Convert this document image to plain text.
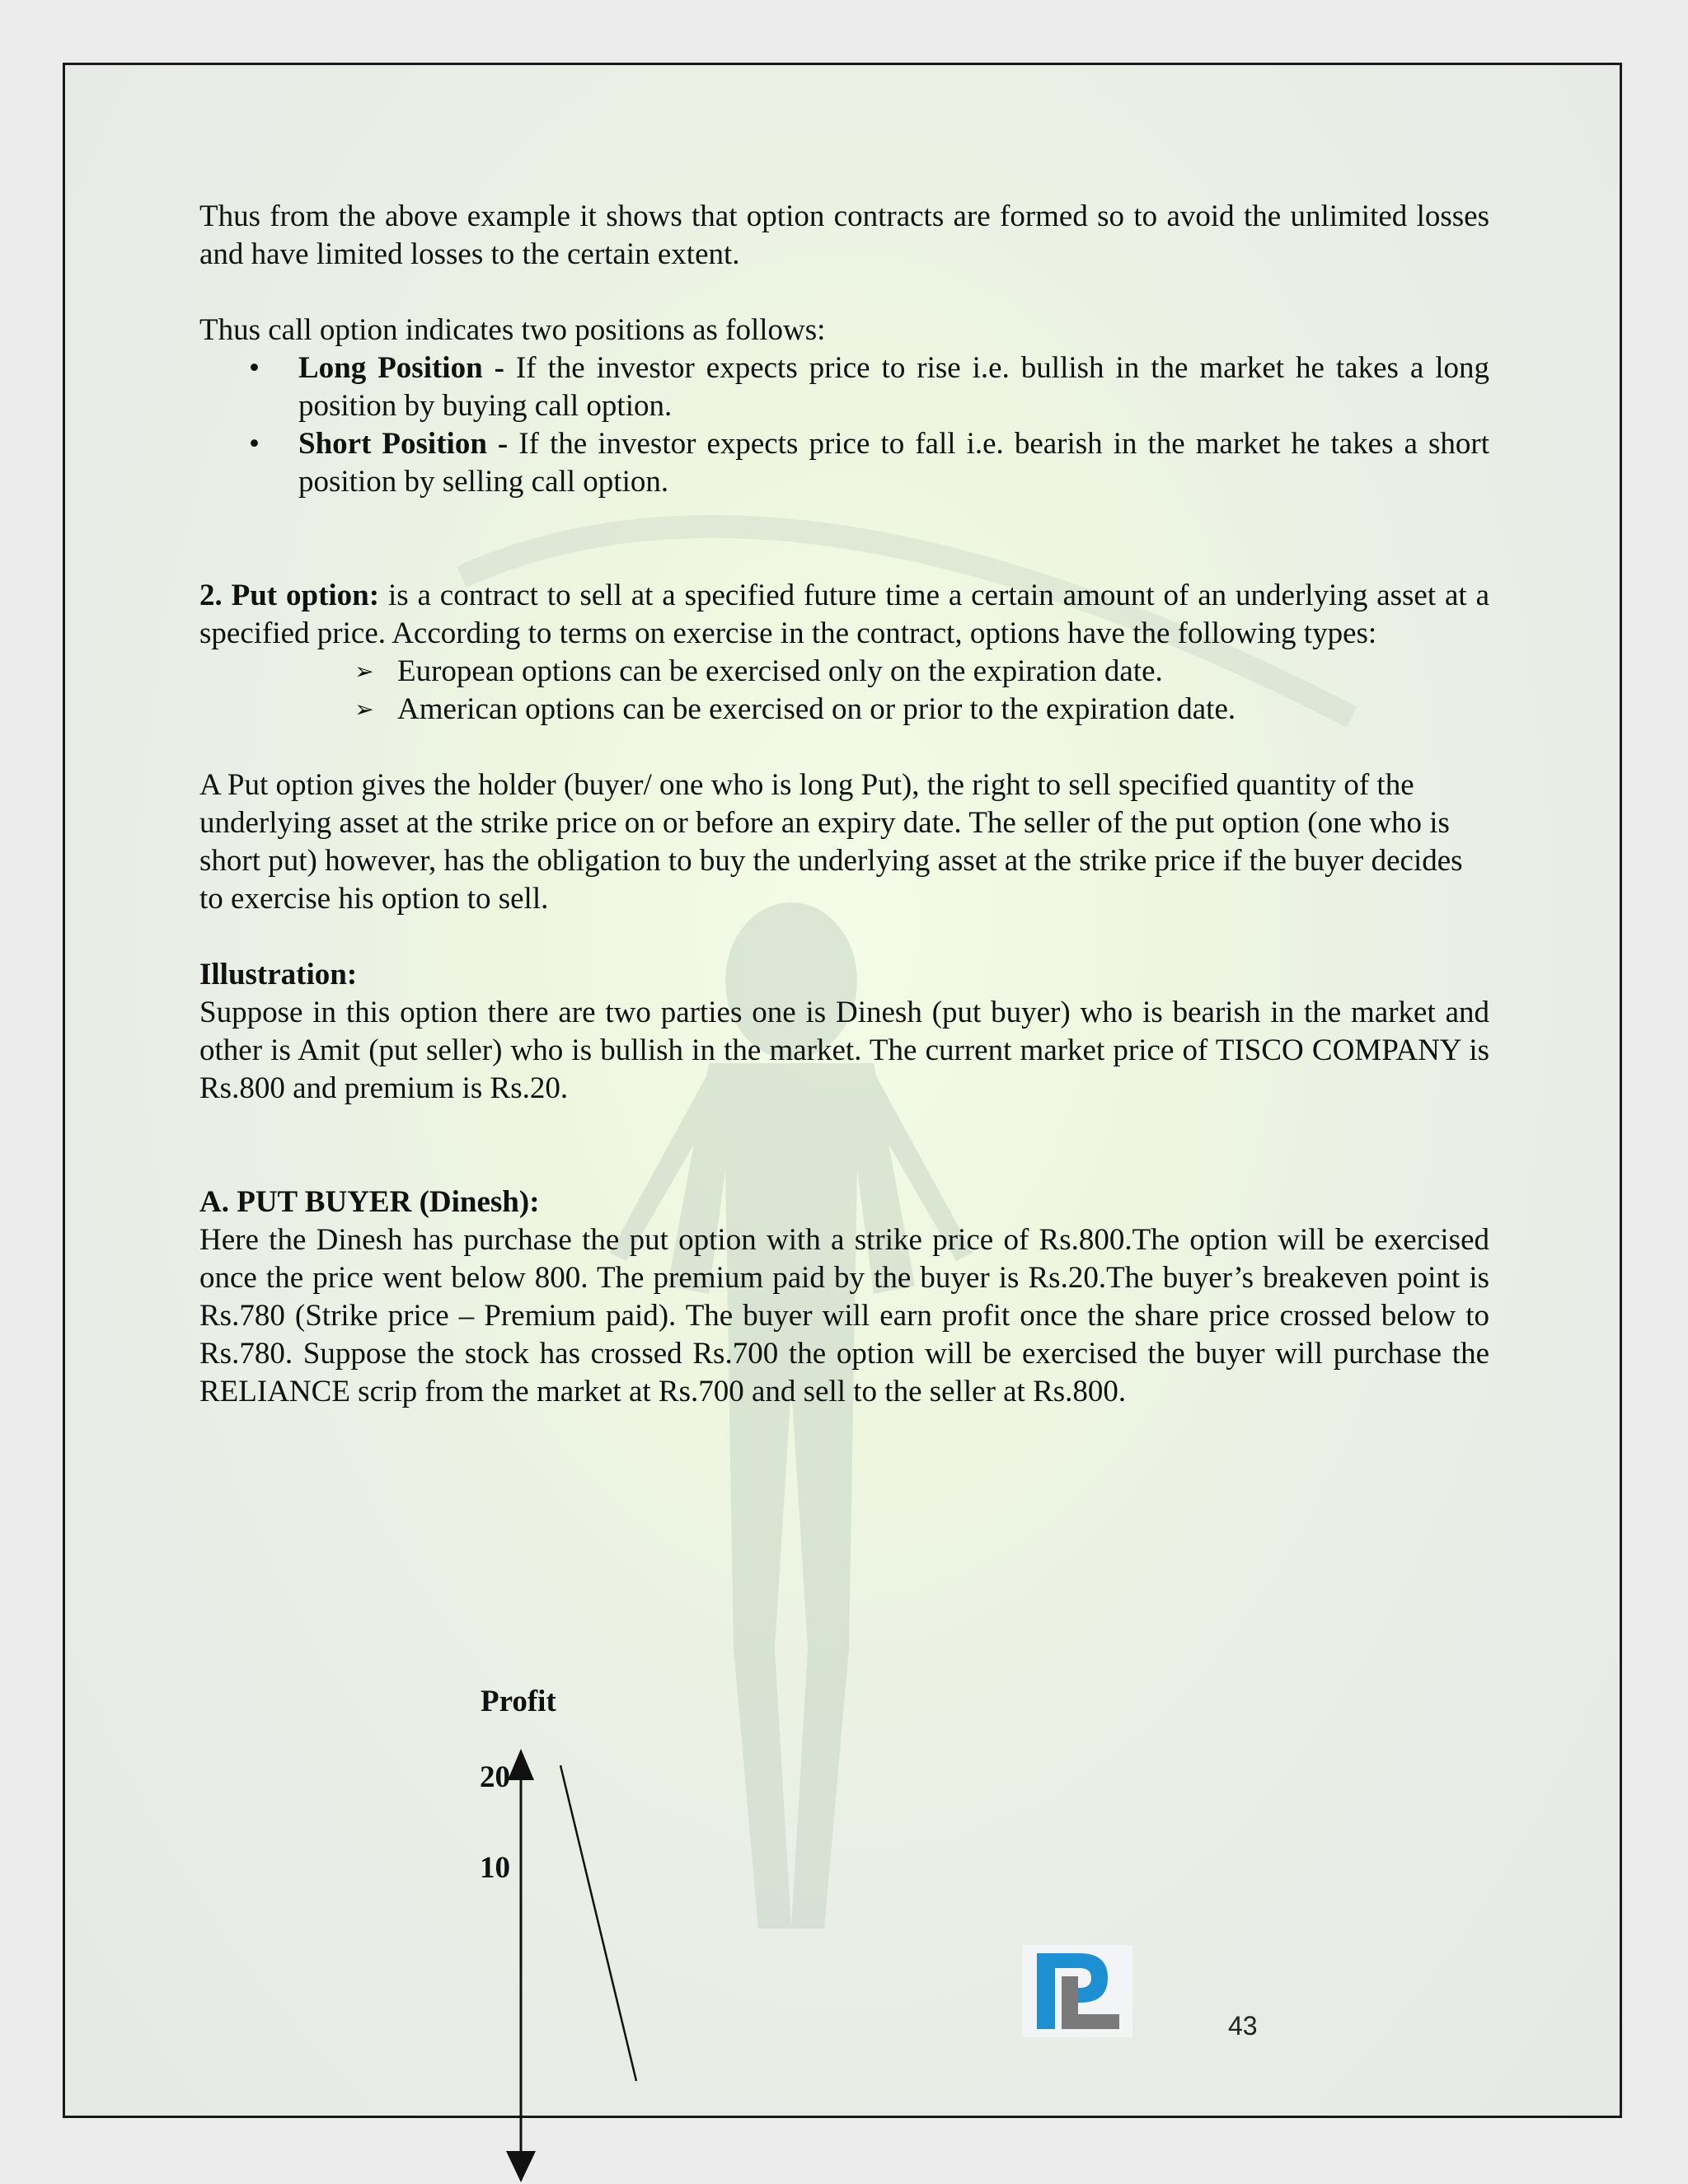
Thus from the above example it shows that option contracts are formed so to avoid the unlimited losses and have limited losses to the certain extent.

Thus call option indicates two positions as follows:

• Long Position - If the investor expects price to rise i.e. bullish in the market he takes a long position by buying call option.
• Short Position - If the investor expects price to fall i.e. bearish in the market he takes a short position by selling call option.

2. Put option: is a contract to sell at a specified future time a certain amount of an underlying asset at a specified price. According to terms on exercise in the contract, options have the following types:

➢ European options can be exercised only on the expiration date.
➢ American options can be exercised on or prior to the expiration date.

A Put option gives the holder (buyer/ one who is long Put), the right to sell specified quantity of the underlying asset at the strike price on or before an expiry date. The seller of the put option (one who is short put) however, has the obligation to buy the underlying asset at the strike price if the buyer decides to exercise his option to sell.

Illustration:

Suppose in this option there are two parties one is Dinesh (put buyer) who is bearish in the market and other is Amit (put seller) who is bullish in the market. The current market price of TISCO COMPANY is Rs.800 and premium is Rs.20.

A. PUT BUYER (Dinesh):

Here the Dinesh has purchase the put option with a strike price of Rs.800.The option will be exercised once the price went below 800. The premium paid by the buyer is Rs.20.The buyer’s breakeven point is Rs.780 (Strike price – Premium paid). The buyer will earn profit once the share price crossed below to Rs.780. Suppose the stock has crossed Rs.700 the option will be exercised the buyer will purchase the RELIANCE scrip from the market at Rs.700 and sell to the seller at Rs.800.

Profit
20
10
43
